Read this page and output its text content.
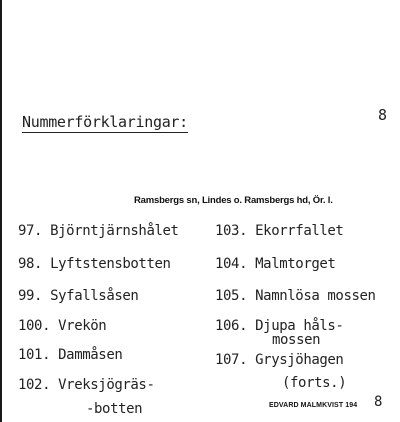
Nummerförklaringar:	8
Ramsbergs sn, Lindes o. Ramsbergs hd, Ör. l.
97. Björntjärnshålet
98. Lyftstensbotten
99. Syfallsåsen
100. Vrekön
101. Dammåsen
102. Vreksjögräs-
-botten
103. Ekorrfallet
104. Malmtorget
105. Namnlösa mossen
106. Djupa håls-
mossen
107. Grysjöhagen
(forts.)
EDVARD MALMKVIST 194 8
